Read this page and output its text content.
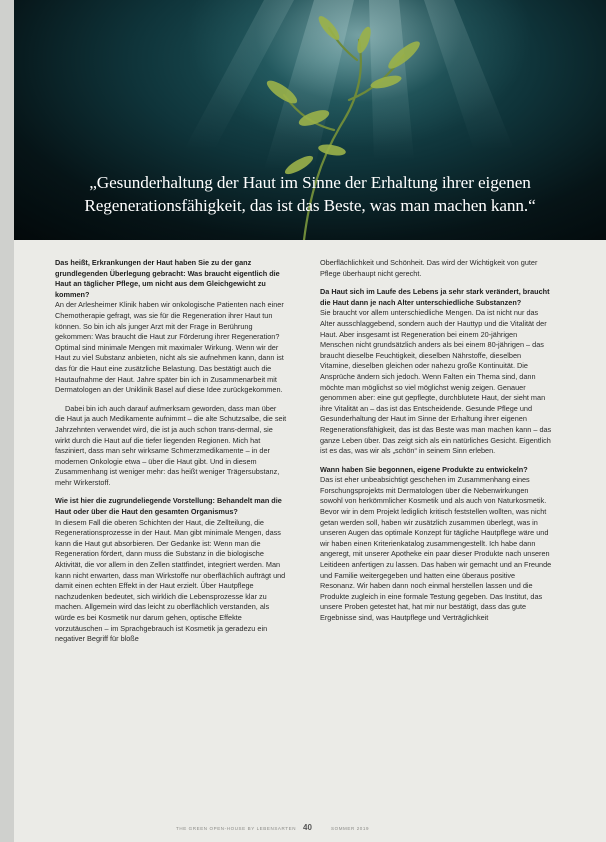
„Gesunderhaltung der Haut im Sinne der Erhaltung ihrer eigenen
Regenerationsfähigkeit, das ist das Beste, was man machen kann.“

Das heißt, Erkrankungen der Haut haben Sie zu der ganz grundlegenden Überlegung gebracht: Was braucht eigentlich die Haut an täglicher Pflege, um nicht aus dem Gleichgewicht zu kommen?

An der Arlesheimer Klinik haben wir onkologische Patienten nach einer Chemotherapie gefragt, was sie für die Regeneration ihrer Haut tun können. So bin ich als junger Arzt mit der Frage in Berührung gekommen: Was braucht die Haut zur Förderung ihrer Regeneration? Optimal sind minimale Mengen mit maximaler Wirkung. Wenn wir der Haut zu viel Substanz anbieten, nicht als sie aufnehmen kann, dann ist das für die Haut eine zusätzliche Belastung. Das bestätigt auch die Hautaufnahme der Haut. Jahre später bin ich in Zusammenarbeit mit Dermatologen an der Uniklinik Basel auf diese Idee zurückgekommen.

Dabei bin ich auch darauf aufmerksam geworden, dass man über die Haut ja auch Medikamente aufnimmt – die alte Schutzsalbe, die seit Jahrzehnten verwendet wird, die ist ja auch schon trans-dermal, sie wirkt durch die Haut auf die tiefer liegenden Regionen. Mich hat fasziniert, dass man sehr wirksame Schmerzmedikamente – in der modernen Onkologie etwa – über die Haut gibt. Und in diesem Zusammenhang ist weniger mehr: das heißt weniger Trägersubstanz, mehr Wirkerstoff.

Wie ist hier die zugrundeliegende Vorstellung: Behandelt man die Haut oder über die Haut den gesamten Organismus?

In diesem Fall die oberen Schichten der Haut, die Zellteilung, die Regenerationsprozesse in der Haut. Man gibt minimale Mengen, dass kann die Haut gut absorbieren. Der Gedanke ist: Wenn man die Regeneration fördert, dann muss die Substanz in die biologische Aktivität, die vor allem in den Zellen stattfindet, integriert werden. Man kann nicht erwarten, dass man Wirkstoffe nur oberflächlich aufträgt und damit einen echten Effekt in der Haut erzielt. Über Hautpflege nachzudenken bedeutet, sich wirklich die Lebensprozesse klar zu machen. Allgemein wird das leicht zu oberflächlich verstanden, als würde es bei Kosmetik nur darum gehen, optische Effekte vorzutäuschen – im Sprachgebrauch ist Kosmetik ja geradezu ein negativer Begriff für bloße

Oberflächlichkeit und Schönheit. Das wird der Wichtigkeit von guter Pflege überhaupt nicht gerecht.

Da Haut sich im Laufe des Lebens ja sehr stark verändert, braucht die Haut dann je nach Alter unterschiedliche Substanzen?

Sie braucht vor allem unterschiedliche Mengen. Da ist nicht nur das Alter ausschlaggebend, sondern auch der Hauttyp und die Vitalität der Haut. Aber insgesamt ist Regeneration bei einem 20-jährigen Menschen nicht grundsätzlich anders als bei einem 80-jährigen – das braucht dieselbe Feuchtigkeit, dieselben Nährstoffe, dieselben Vitamine, dieselben gleichen oder nahezu große Kontinuität. Die Ansprüche ändern sich jedoch. Wenn Falten ein Thema sind, dann möchte man möglichst so viel möglichst wenig zeigen. Genauer genommen aber: eine gut gepflegte, durchblutete Haut, der sieht man ihre Vitalität an – das ist das Entscheidende. Gesunde Pflege und Gesunderhaltung der Haut im Sinne der Erhaltung ihrer eigenen Regenerationsfähigkeit, das ist das Beste was man machen kann – das ganze Leben über. Das zeigt sich als ein natürliches Gesicht. Eigentlich ist es das, was wir als „schön“ in seinem Sinn erleben.

Wann haben Sie begonnen, eigene Produkte zu entwickeln?

Das ist eher unbeabsichtigt geschehen im Zusammenhang eines Forschungsprojekts mit Dermatologen über die Nebenwirkungen sowohl von herkömmlicher Kosmetik und als auch von Naturkosmetik. Bevor wir in dem Projekt lediglich kritisch feststellen wollten, was nicht getan werden soll, haben wir zusätzlich zusammen überlegt, was in unseren Augen das optimale Konzept für tägliche Hautpflege wäre und wir haben einen Kriterienkatalog zusammengestellt. Ich habe dann angeregt, mit unserer Apotheke ein paar dieser Produkte nach unseren Leitideen anfertigen zu lassen. Das haben wir gemacht und an Freunde und Familie weitergegeben und hatten eine überaus positive Resonanz. Wir haben dann noch einmal herstellen lassen und die Produkte zugleich in eine formale Testung gegeben. Das Institut, das unsere Proben getestet hat, hat mir nur bestätigt, dass das gute Ergebnisse sind, was Hautpflege und Verträglichkeit

THE GREEN OPEN-HOUSE BY LEBENSARTEN 40	SOMMER 2019
